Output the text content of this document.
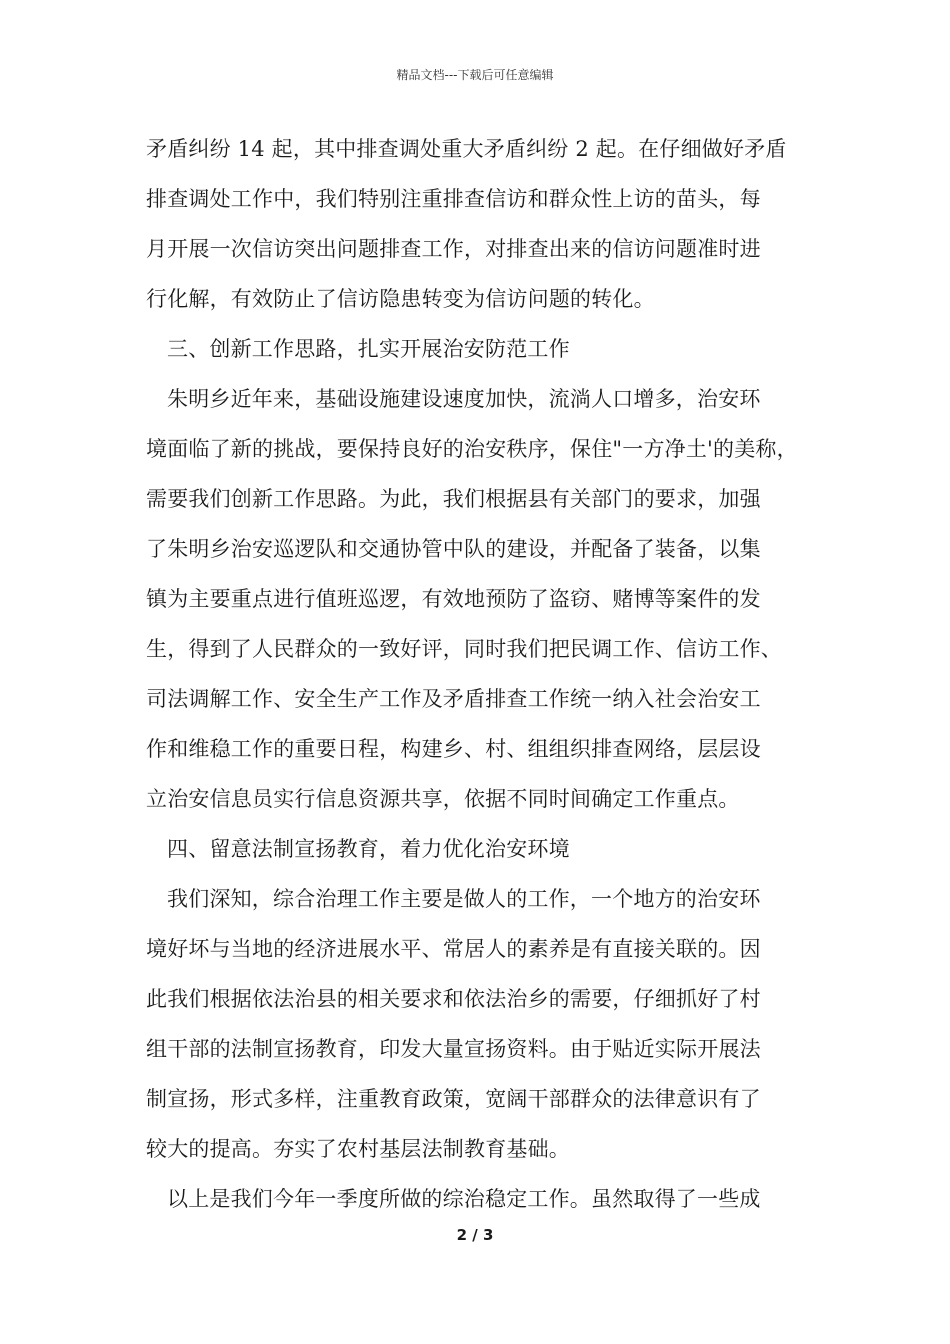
精品文档---下载后可任意编辑
矛盾纠纷 14 起，其中排查调处重大矛盾纠纷 2 起。在仔细做好矛盾
排查调处工作中，我们特别注重排查信访和群众性上访的苗头，每
月开展一次信访突出问题排查工作，对排查出来的信访问题准时进
行化解，有效防止了信访隐患转变为信访问题的转化。
三、创新工作思路，扎实开展治安防范工作
朱明乡近年来，基础设施建设速度加快，流淌人口增多，治安环
境面临了新的挑战，要保持良好的治安秩序，保住"一方净土'的美称，
需要我们创新工作思路。为此，我们根据县有关部门的要求，加强
了朱明乡治安巡逻队和交通协管中队的建设，并配备了装备，以集
镇为主要重点进行值班巡逻，有效地预防了盗窃、赌博等案件的发
生，得到了人民群众的一致好评，同时我们把民调工作、信访工作、
司法调解工作、安全生产工作及矛盾排查工作统一纳入社会治安工
作和维稳工作的重要日程，构建乡、村、组组织排查网络，层层设
立治安信息员实行信息资源共享，依据不同时间确定工作重点。
四、留意法制宣扬教育，着力优化治安环境
我们深知，综合治理工作主要是做人的工作，一个地方的治安环
境好坏与当地的经济进展水平、常居人的素养是有直接关联的。因
此我们根据依法治县的相关要求和依法治乡的需要，仔细抓好了村
组干部的法制宣扬教育，印发大量宣扬资料。由于贴近实际开展法
制宣扬，形式多样，注重教育政策，宽阔干部群众的法律意识有了
较大的提高。夯实了农村基层法制教育基础。
以上是我们今年一季度所做的综治稳定工作。虽然取得了一些成
2 / 3
